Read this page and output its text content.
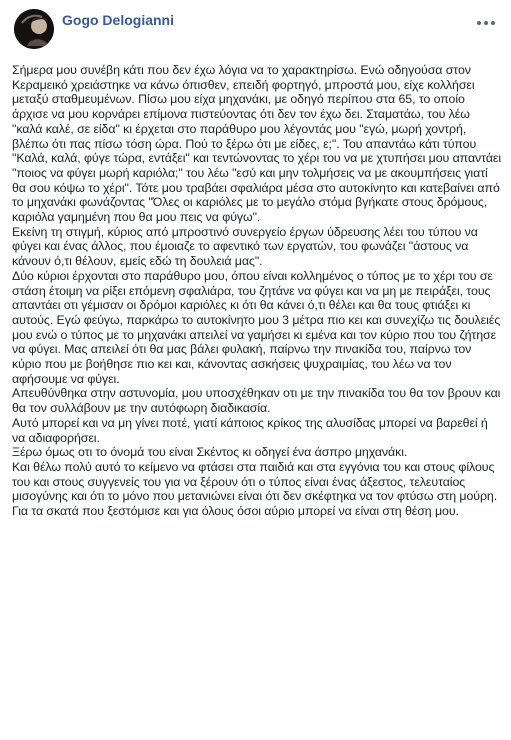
Gogo Delogianni

Σήμερα μου συνέβη κάτι που δεν έχω λόγια να το χαρακτηρίσω. Ενώ οδηγούσα στον Κεραμεικό χρειάστηκε να κάνω όπισθεν, επειδή φορτηγό, μπροστά μου, είχε κολλήσει μεταξύ σταθμευμένων. Πίσω μου είχα μηχανάκι, με οδηγό περίπου στα 65, το οποίο άρχισε να μου κορνάρει επίμονα πιστεύοντας ότι δεν τον έχω δει. Σταματάω, του λέω "καλά καλέ, σε είδα" κι έρχεται στο παράθυρο μου λέγοντάς μου "εγώ, μωρή χοντρή, βλέπω ότι πας πίσω τόση ώρα. Πού το ξέρω ότι με είδες, ε;". Του απαντάω κάτι τύπου "Καλά, καλά, φύγε τώρα, εντάξει" και τεντώνοντας το χέρι του να με χτυπήσει μου απαντάει "ποιος να φύγει μωρή καριόλα;" του λέω "εσύ και μην τολμήσεις να με ακουμπήσεις γιατί θα σου κόψω το χέρι". Τότε μου τραβάει σφαλιάρα μέσα στο αυτοκίνητο και κατεβαίνει από το μηχανάκι φωνάζοντας "Όλες οι καριόλες με το μεγάλο στόμα βγήκατε στους δρόμους, καριόλα γαμημένη που θα μου πεις να φύγω".

Εκείνη τη στιγμή, κύριος από μπροστινό συνεργείο έργων ύδρευσης λέει του τύπου να φύγει και ένας άλλος, που έμοιαζε το αφεντικό των εργατών, του φωνάζει "άστους να κάνουν ό,τι θέλουν, εμείς εδώ τη δουλειά μας".

Δύο κύριοι έρχονται στο παράθυρο μου, όπου είναι κολλημένος ο τύπος με το χέρι του σε στάση έτοιμη να ρίξει επόμενη σφαλιάρα, του ζητάνε να φύγει και να μη με πειράξει, τους απαντάει οτι γέμισαν οι δρόμοι καριόλες κι ότι θα κάνει ό,τι θέλει και θα τους φτιάξει κι αυτούς. Εγώ φεύγω, παρκάρω το αυτοκίνητο μου 3 μέτρα πιο κει και συνεχίζω τις δουλειές μου ενώ ο τύπος με το μηχανάκι απειλεί να γαμήσει κι εμένα και τον κύριο που του ζήτησε να φύγει. Μας απειλεί ότι θα μας βάλει φυλακή, παίρνω την πινακίδα του, παίρνω τον κύριο που με βοήθησε πιο κει και, κάνοντας ασκήσεις ψυχραιμίας, του λέω να τον αφήσουμε να φύγει.

Απευθύνθηκα στην αστυνομία, μου υποσχέθηκαν οτι με την πινακίδα του θα τον βρουν και θα τον συλλάβουν με την αυτόφωρη διαδικασία.

Αυτό μπορεί και να μη γίνει ποτέ, γιατί κάποιος κρίκος της αλυσίδας μπορεί να βαρεθεί ή να αδιαφορήσει.

Ξέρω όμως οτι το όνομά του είναι Σκέντος κι οδηγεί ένα άσπρο μηχανάκι.

Και θέλω πολύ αυτό το κείμενο να φτάσει στα παιδιά και στα εγγόνια του και στους φίλους του και στους συγγενείς του για να ξέρουν ότι ο τύπος είναι ένας άξεστος, τελευταίος μισογύνης και ότι το μόνο που μετανιώνει είναι ότι δεν σκέφτηκα να τον φτύσω στη μούρη. Για τα σκατά που ξεστόμισε και για όλους όσοι αύριο μπορεί να είναι στη θέση μου.
